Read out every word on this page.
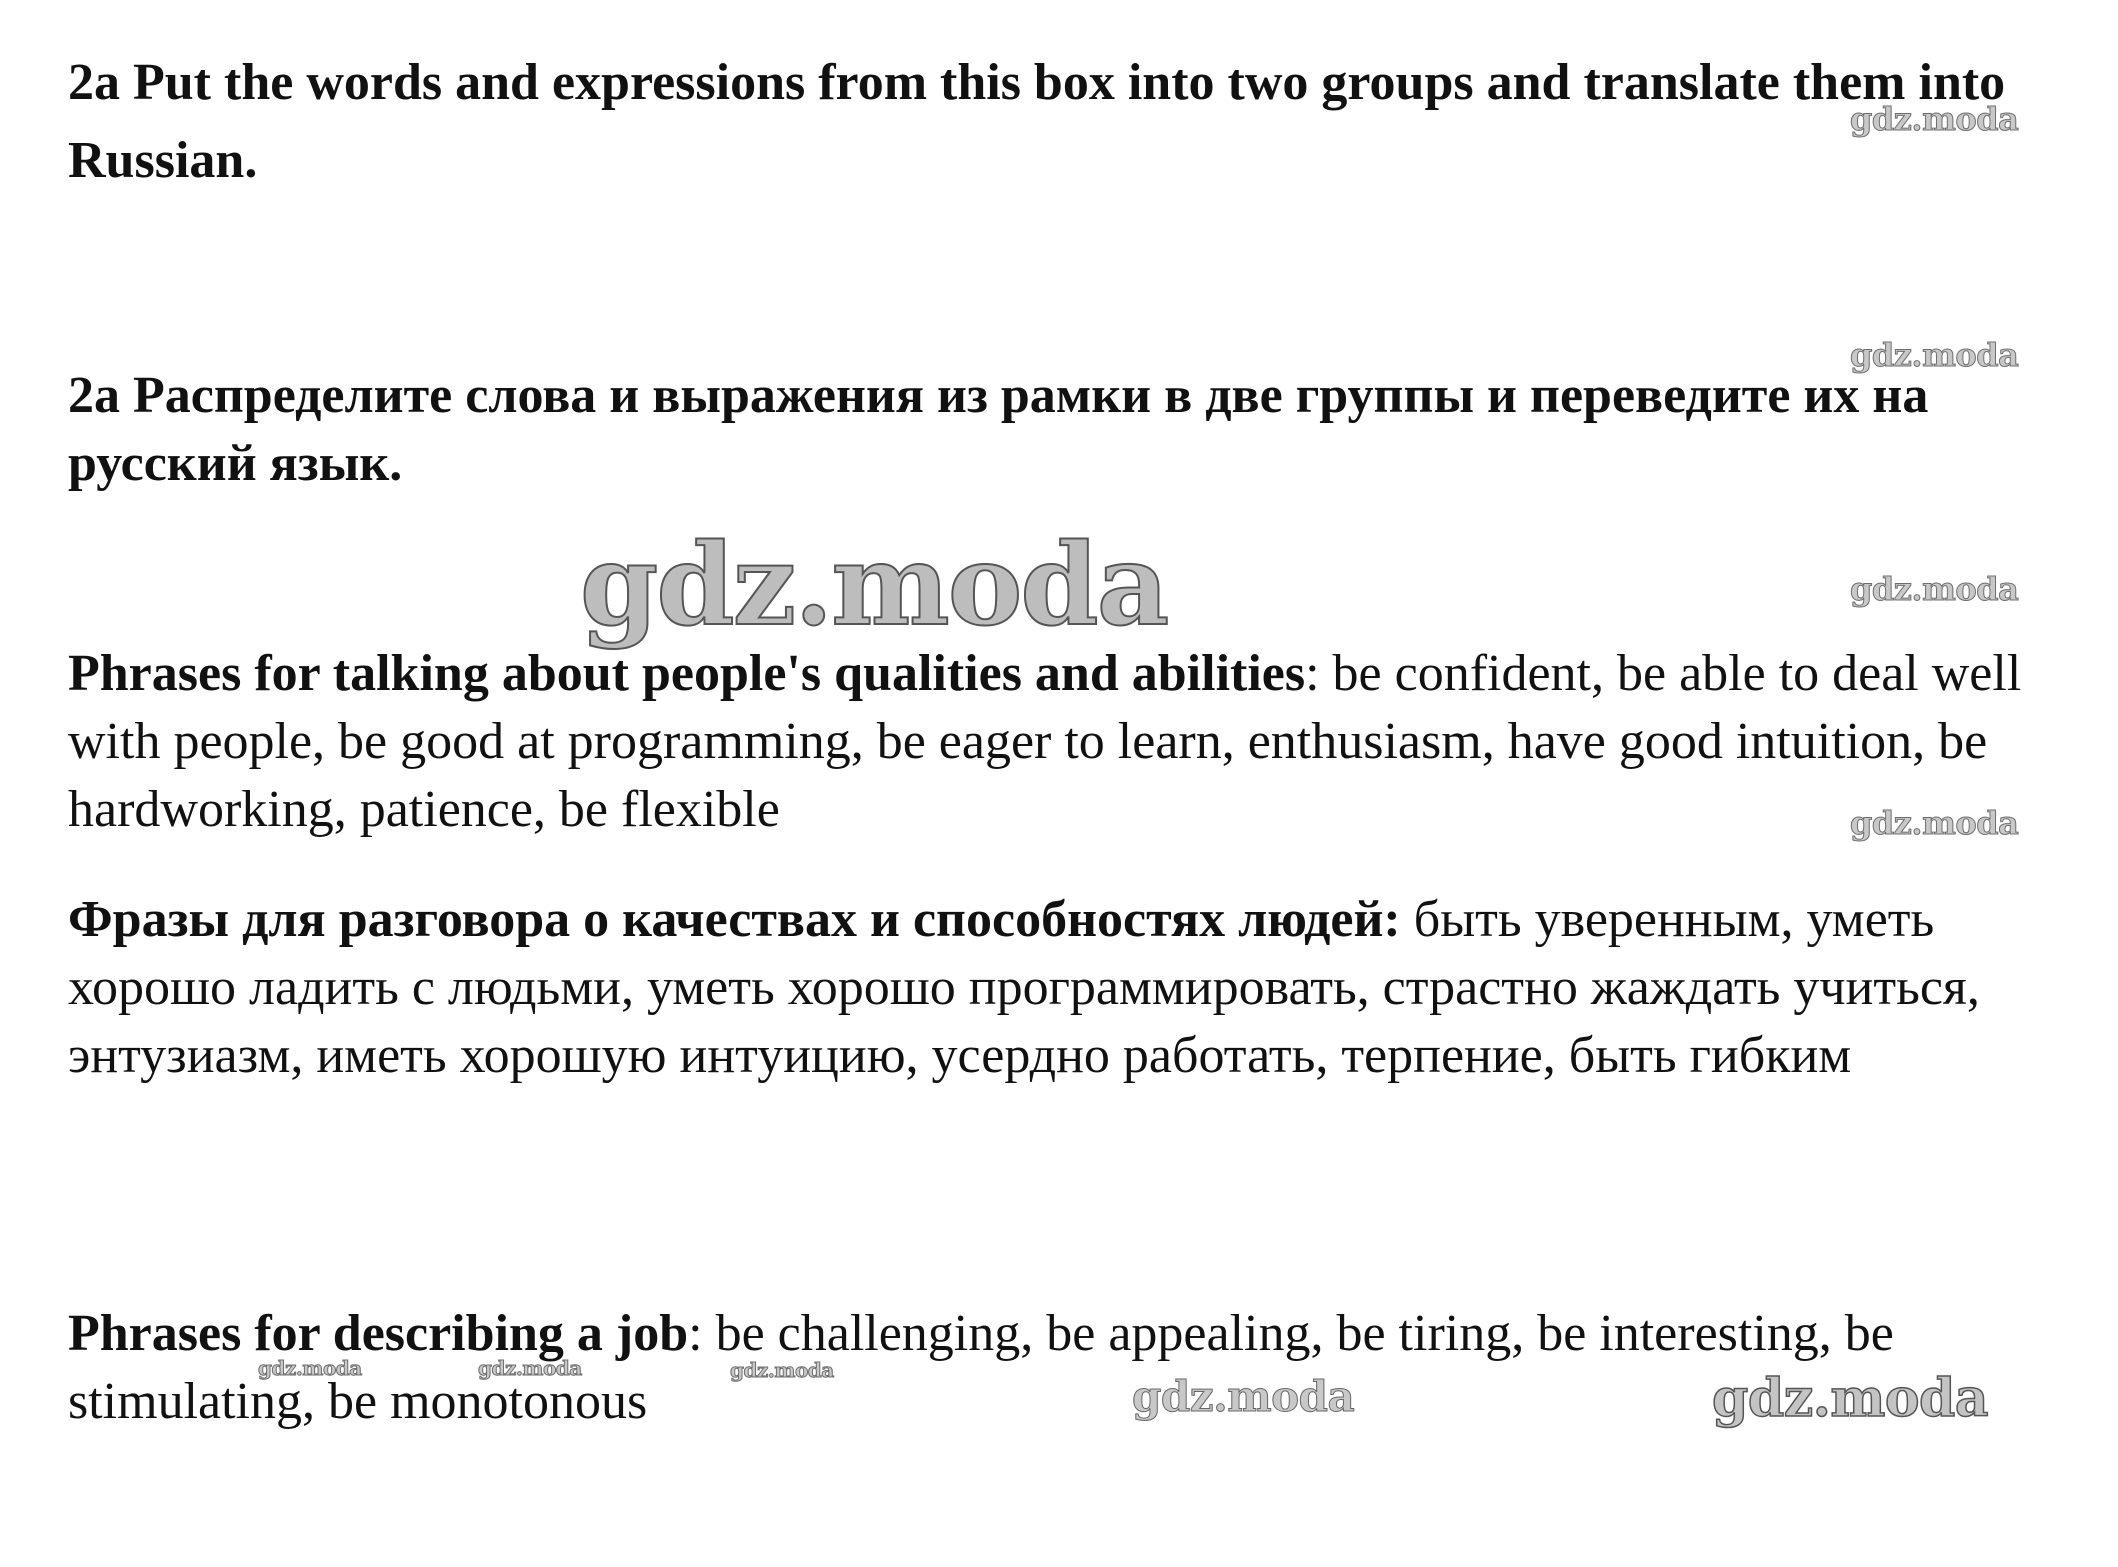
2a Put the words and expressions from this box into two groups and translate them into Russian.

2a Распределите слова и выражения из рамки в две группы и переведите их на русский язык.

Phrases for talking about people's qualities and abilities: be confident, be able to deal well with people, be good at programming, be eager to learn, enthusiasm, have good intuition, be hardworking, patience, be flexible

Фразы для разговора о качествах и способностях людей: быть уверенным, уметь хорошо ладить с людьми, уметь хорошо программировать, страстно жаждать учиться, энтузиазм, иметь хорошую интуицию, усердно работать, терпение, быть гибким

Phrases for describing a job: be challenging, be appealing, be tiring, be interesting, be stimulating, be monotonous

gdz.moda
gdz.moda
gdz.moda	gdz.moda
gdz.moda
gdz.moda	gdz.moda	gdz.moda
gdz.moda	gdz.moda
